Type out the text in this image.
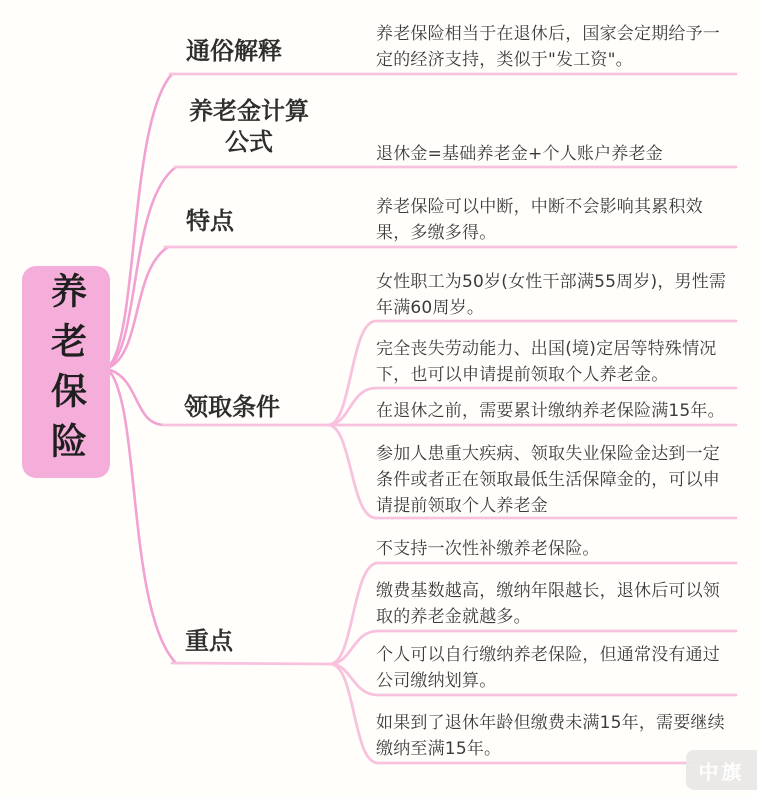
养老保险
通俗解释
养老金计算公式
特点
领取条件
重点
养老保险相当于在退休后，国家会定期给予一定的经济支持，类似于"发工资"。
退休金=基础养老金+个人账户养老金
养老保险可以中断，中断不会影响其累积效果，多缴多得。
女性职工为50岁(女性干部满55周岁)，男性需年满60周岁。
完全丧失劳动能力、出国(境)定居等特殊情况下，也可以申请提前领取个人养老金。
在退休之前，需要累计缴纳养老保险满15年。
参加人患重大疾病、领取失业保险金达到一定条件或者正在领取最低生活保障金的，可以申请提前领取个人养老金
不支持一次性补缴养老保险。
缴费基数越高，缴纳年限越长，退休后可以领取的养老金就越多。
个人可以自行缴纳养老保险，但通常没有通过公司缴纳划算。
如果到了退休年龄但缴费未满15年，需要继续缴纳至满15年。
中旗
